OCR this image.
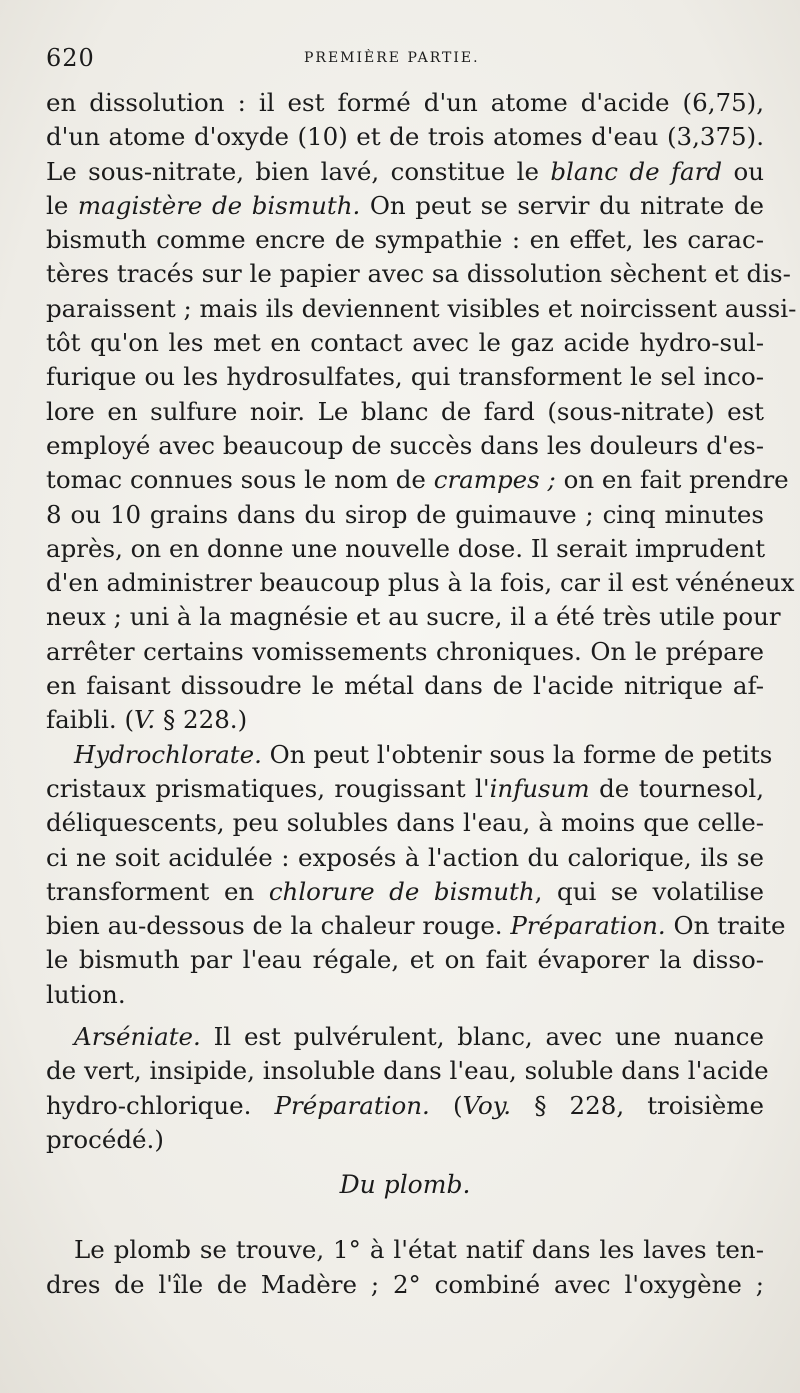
620	PREMIÈRE PARTIE.
en dissolution : il est formé d'un atome d'acide (6,75),
d'un atome d'oxyde (10) et de trois atomes d'eau (3,375).
Le sous-nitrate, bien lavé, constitue le blanc de fard ou
le magistère de bismuth. On peut se servir du nitrate de
bismuth comme encre de sympathie : en effet, les carac-
tères tracés sur le papier avec sa dissolution sèchent et dis-
paraissent ; mais ils deviennent visibles et noircissent aussi-
tôt qu'on les met en contact avec le gaz acide hydro-sul-
furique ou les hydrosulfates, qui transforment le sel inco-
lore en sulfure noir. Le blanc de fard (sous-nitrate) est
employé avec beaucoup de succès dans les douleurs d'es-
tomac connues sous le nom de crampes ; on en fait prendre
8 ou 10 grains dans du sirop de guimauve ; cinq minutes
après, on en donne une nouvelle dose. Il serait imprudent
d'en administrer beaucoup plus à la fois, car il est vénéneux
neux ; uni à la magnésie et au sucre, il a été très utile pour
arrêter certains vomissements chroniques. On le prépare
en faisant dissoudre le métal dans de l'acide nitrique af-
faibli. (V. § 228.)
Hydrochlorate. On peut l'obtenir sous la forme de petits
cristaux prismatiques, rougissant l'infusum de tournesol,
déliquescents, peu solubles dans l'eau, à moins que celle-
ci ne soit acidulée : exposés à l'action du calorique, ils se
transforment en chlorure de bismuth, qui se volatilise
bien au-dessous de la chaleur rouge. Préparation. On traite
le bismuth par l'eau régale, et on fait évaporer la disso-
lution.
Arséniate. Il est pulvérulent, blanc, avec une nuance
de vert, insipide, insoluble dans l'eau, soluble dans l'acide
hydro-chlorique. Préparation. (Voy. § 228, troisième
procédé.)
Du plomb.
Le plomb se trouve, 1° à l'état natif dans les laves ten-
dres de l'île de Madère ; 2° combiné avec l'oxygène ;
